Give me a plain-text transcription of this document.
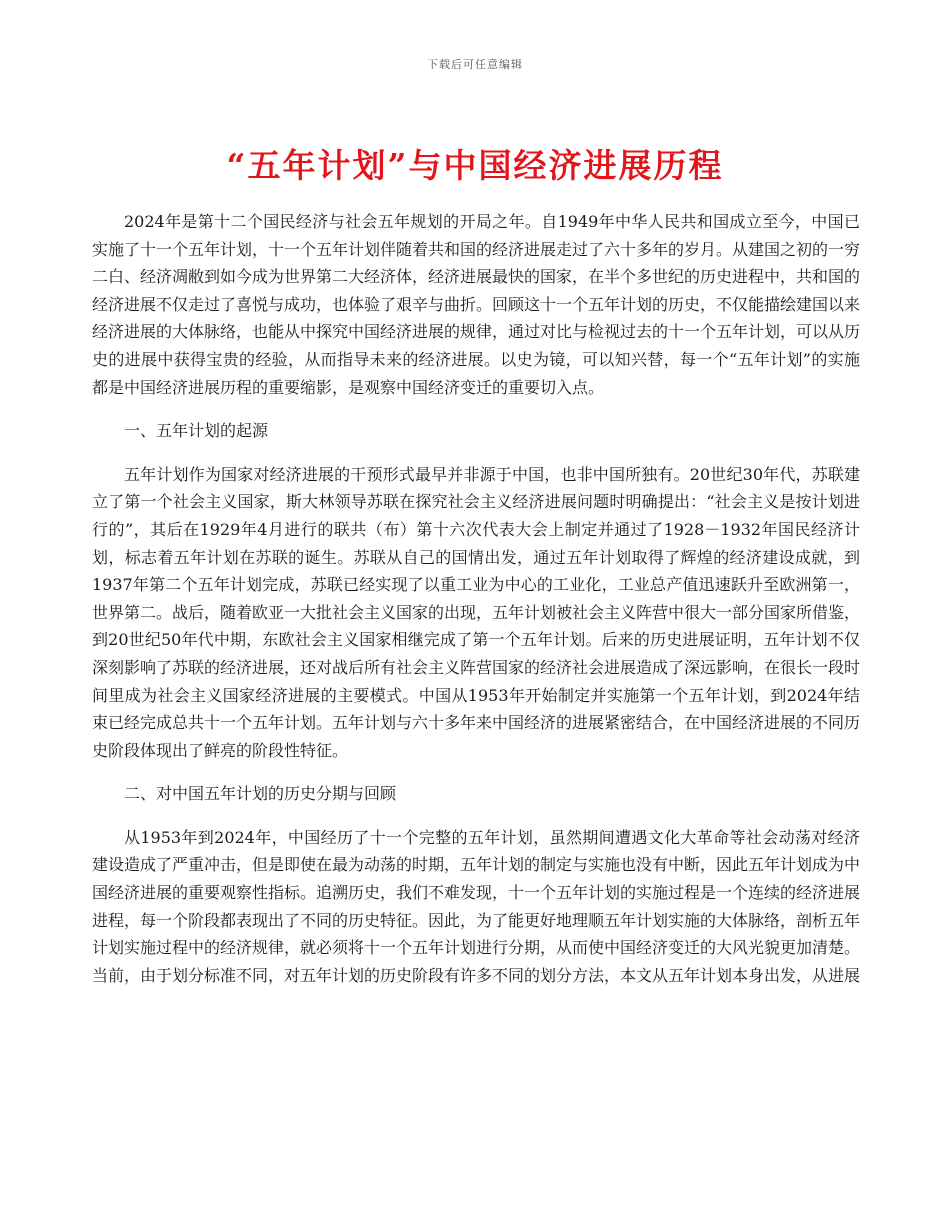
下载后可任意编辑
“五年计划”与中国经济进展历程

2024年是第十二个国民经济与社会五年规划的开局之年。自1949年中华人民共和国成立至今，中国已实施了十一个五年计划，十一个五年计划伴随着共和国的经济进展走过了六十多年的岁月。从建国之初的一穷二白、经济凋敝到如今成为世界第二大经济体，经济进展最快的国家，在半个多世纪的历史进程中，共和国的经济进展不仅走过了喜悦与成功，也体验了艰辛与曲折。回顾这十一个五年计划的历史，不仅能描绘建国以来经济进展的大体脉络，也能从中探究中国经济进展的规律，通过对比与检视过去的十一个五年计划，可以从历史的进展中获得宝贵的经验，从而指导未来的经济进展。以史为镜，可以知兴替，每一个“五年计划”的实施都是中国经济进展历程的重要缩影，是观察中国经济变迁的重要切入点。

一、五年计划的起源

五年计划作为国家对经济进展的干预形式最早并非源于中国，也非中国所独有。20世纪30年代，苏联建立了第一个社会主义国家，斯大林领导苏联在探究社会主义经济进展问题时明确提出：“社会主义是按计划进行的”，其后在1929年4月进行的联共（布）第十六次代表大会上制定并通过了1928－1932年国民经济计划，标志着五年计划在苏联的诞生。苏联从自己的国情出发，通过五年计划取得了辉煌的经济建设成就，到1937年第二个五年计划完成，苏联已经实现了以重工业为中心的工业化，工业总产值迅速跃升至欧洲第一，世界第二。战后，随着欧亚一大批社会主义国家的出现，五年计划被社会主义阵营中很大一部分国家所借鉴，到20世纪50年代中期，东欧社会主义国家相继完成了第一个五年计划。后来的历史进展证明，五年计划不仅深刻影响了苏联的经济进展，还对战后所有社会主义阵营国家的经济社会进展造成了深远影响，在很长一段时间里成为社会主义国家经济进展的主要模式。中国从1953年开始制定并实施第一个五年计划，到2024年结束已经完成总共十一个五年计划。五年计划与六十多年来中国经济的进展紧密结合，在中国经济进展的不同历史阶段体现出了鲜亮的阶段性特征。

二、对中国五年计划的历史分期与回顾

从1953年到2024年，中国经历了十一个完整的五年计划，虽然期间遭遇文化大革命等社会动荡对经济建设造成了严重冲击，但是即使在最为动荡的时期，五年计划的制定与实施也没有中断，因此五年计划成为中国经济进展的重要观察性指标。追溯历史，我们不难发现，十一个五年计划的实施过程是一个连续的经济进展进程，每一个阶段都表现出了不同的历史特征。因此，为了能更好地理顺五年计划实施的大体脉络，剖析五年计划实施过程中的经济规律，就必须将十一个五年计划进行分期，从而使中国经济变迁的大风光貌更加清楚。当前，由于划分标准不同，对五年计划的历史阶段有许多不同的划分方法，本文从五年计划本身出发，从进展
